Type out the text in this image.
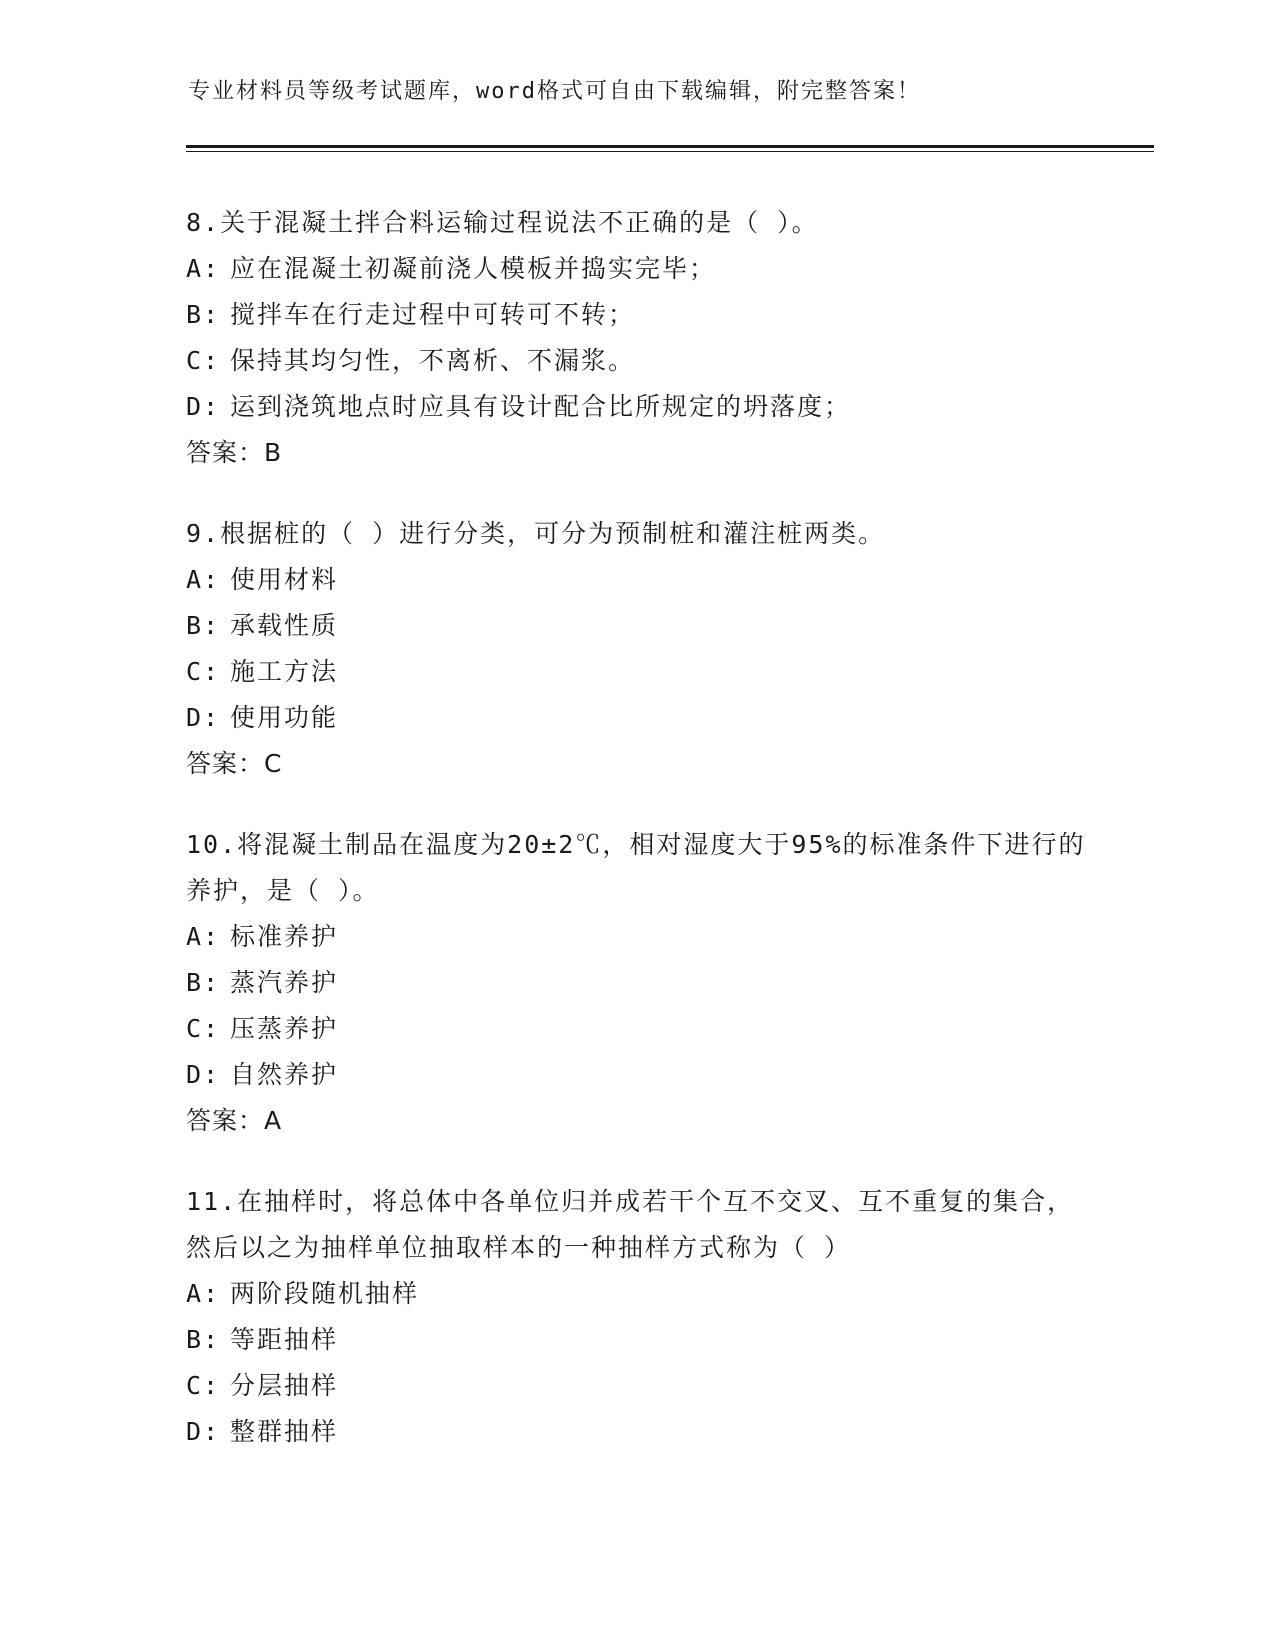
专业材料员等级考试题库，word格式可自由下载编辑，附完整答案！

8.关于混凝土拌合料运输过程说法不正确的是（ ）。

A: 应在混凝土初凝前浇人模板并捣实完毕；
B: 搅拌车在行走过程中可转可不转；
C: 保持其均匀性，不离析、不漏浆。
D: 运到浇筑地点时应具有设计配合比所规定的坍落度；
答案：B

9.根据桩的（ ）进行分类，可分为预制桩和灌注桩两类。

A: 使用材料
B: 承载性质
C: 施工方法
D: 使用功能
答案：C

10.将混凝土制品在温度为20±2℃，相对湿度大于95%的标准条件下进行的养护，是（ ）。

A: 标准养护
B: 蒸汽养护
C: 压蒸养护
D: 自然养护
答案：A

11.在抽样时，将总体中各单位归并成若干个互不交叉、互不重复的集合，然后以之为抽样单位抽取样本的一种抽样方式称为（ ）

A: 两阶段随机抽样
B: 等距抽样
C: 分层抽样
D: 整群抽样
